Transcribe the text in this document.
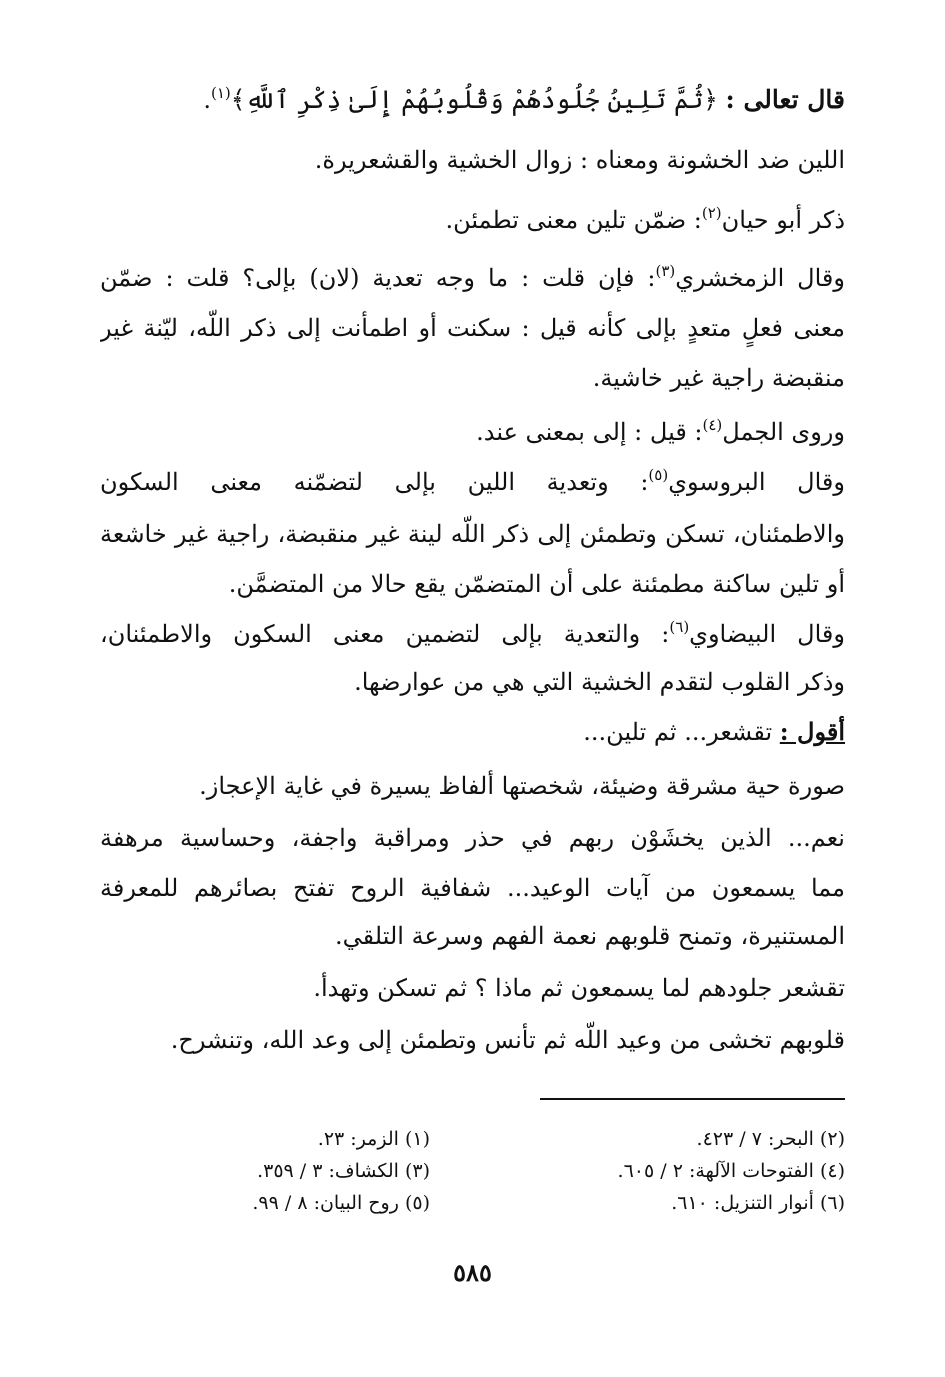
قال تعالى : ﴿ثُمَّ تَلِينُ جُلُودُهُمْ وَقُلُوبُهُمْ إِلَىٰ ذِكْرِ ٱللَّهِ﴾$^{(١)}$.
اللين ضد الخشونة ومعناه : زوال الخشية والقشعريرة.
ذكر أبو حيان$^{(٢)}$: ضمّن تلين معنى تطمئن.
وقال الزمخشري$^{(٣)}$: فإن قلت : ما وجه تعدية (لان) بإلى؟ قلت : ضمّن
معنى فعلٍ متعدٍ بإلى كأنه قيل : سكنت أو اطمأنت إلى ذكر اللّه، ليّنة غير
منقبضة راجية غير خاشية.
وروى الجمل$^{(٤)}$: قيل : إلى بمعنى عند.
وقال البروسوي$^{(٥)}$: وتعدية اللين بإلى لتضمّنه معنى السكون
والاطمئنان، تسكن وتطمئن إلى ذكر اللّه لينة غير منقبضة، راجية غير خاشعة
أو تلين ساكنة مطمئنة على أن المتضمّن يقع حالا من المتضمَّن.
وقال البيضاوي$^{(٦)}$: والتعدية بإلى لتضمين معنى السكون والاطمئنان،
وذكر القلوب لتقدم الخشية التي هي من عوارضها.
أقول : تقشعر... ثم تلين...
صورة حية مشرقة وضيئة، شخصتها ألفاظ يسيرة في غاية الإعجاز.
نعم... الذين يخشَوْن ربهم في حذر ومراقبة واجفة، وحساسية مرهفة
مما يسمعون من آيات الوعيد... شفافية الروح تفتح بصائرهم للمعرفة
المستنيرة، وتمنح قلوبهم نعمة الفهم وسرعة التلقي.
تقشعر جلودهم لما يسمعون ثم ماذا ؟ ثم تسكن وتهدأ.
قلوبهم تخشى من وعيد اللّه ثم تأنس وتطمئن إلى وعد الله، وتنشرح.
(١) الزمر: ٢٣.	(٢) البحر: ٧ / ٤٢٣.
(٣) الكشاف: ٣ / ٣٥٩.	(٤) الفتوحات الآلهة: ٢ / ٦٠٥.
(٥) روح البيان: ٨ / ٩٩.	(٦) أنوار التنزيل: ٦١٠.
٥٨٥
